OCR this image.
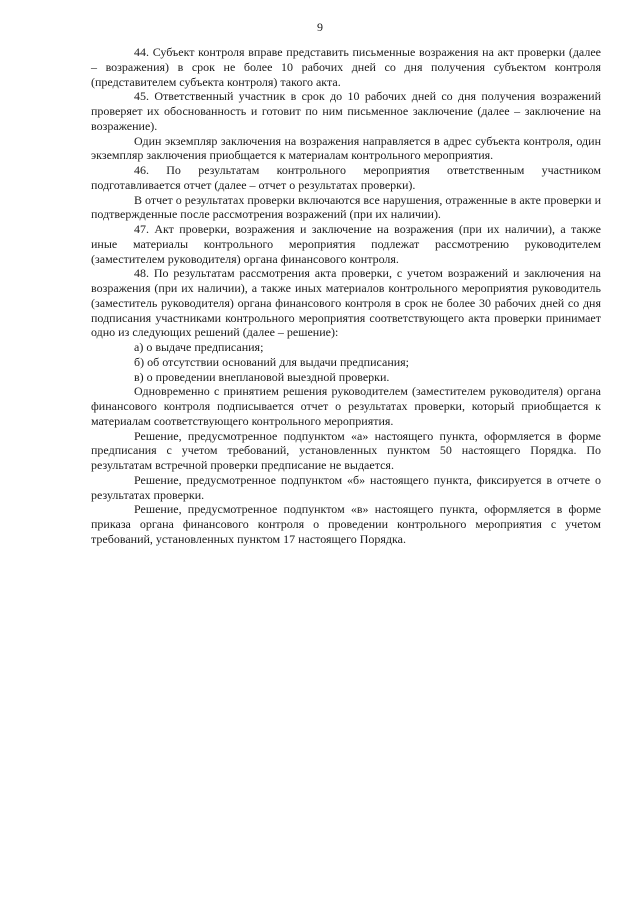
9

44. Субъект контроля вправе представить письменные возражения на акт проверки (далее – возражения) в срок не более 10 рабочих дней со дня получения субъектом контроля (представителем субъекта контроля) такого акта.

45. Ответственный участник в срок до 10 рабочих дней со дня получения возражений проверяет их обоснованность и готовит по ним письменное заключение (далее – заключение на возражение).

Один экземпляр заключения на возражения направляется в адрес субъекта контроля, один экземпляр заключения приобщается к материалам контрольного мероприятия.

46. По результатам контрольного мероприятия ответственным участником подготавливается отчет (далее – отчет о результатах проверки).

В отчет о результатах проверки включаются все нарушения, отраженные в акте проверки и подтвержденные после рассмотрения возражений (при их наличии).

47. Акт проверки, возражения и заключение на возражения (при их наличии), а также иные материалы контрольного мероприятия подлежат рассмотрению руководителем (заместителем руководителя) органа финансового контроля.

48. По результатам рассмотрения акта проверки, с учетом возражений и заключения на возражения (при их наличии), а также иных материалов контрольного мероприятия руководитель (заместитель руководителя) органа финансового контроля в срок не более 30 рабочих дней со дня подписания участниками контрольного мероприятия соответствующего акта проверки принимает одно из следующих решений (далее – решение):

а) о выдаче предписания;

б) об отсутствии оснований для выдачи предписания;

в) о проведении внеплановой выездной проверки.

Одновременно с принятием решения руководителем (заместителем руководителя) органа финансового контроля подписывается отчет о результатах проверки, который приобщается к материалам соответствующего контрольного мероприятия.

Решение, предусмотренное подпунктом «а» настоящего пункта, оформляется в форме предписания с учетом требований, установленных пунктом 50 настоящего Порядка. По результатам встречной проверки предписание не выдается.

Решение, предусмотренное подпунктом «б» настоящего пункта, фиксируется в отчете о результатах проверки.

Решение, предусмотренное подпунктом «в» настоящего пункта, оформляется в форме приказа органа финансового контроля о проведении контрольного мероприятия с учетом требований, установленных пунктом 17 настоящего Порядка.
